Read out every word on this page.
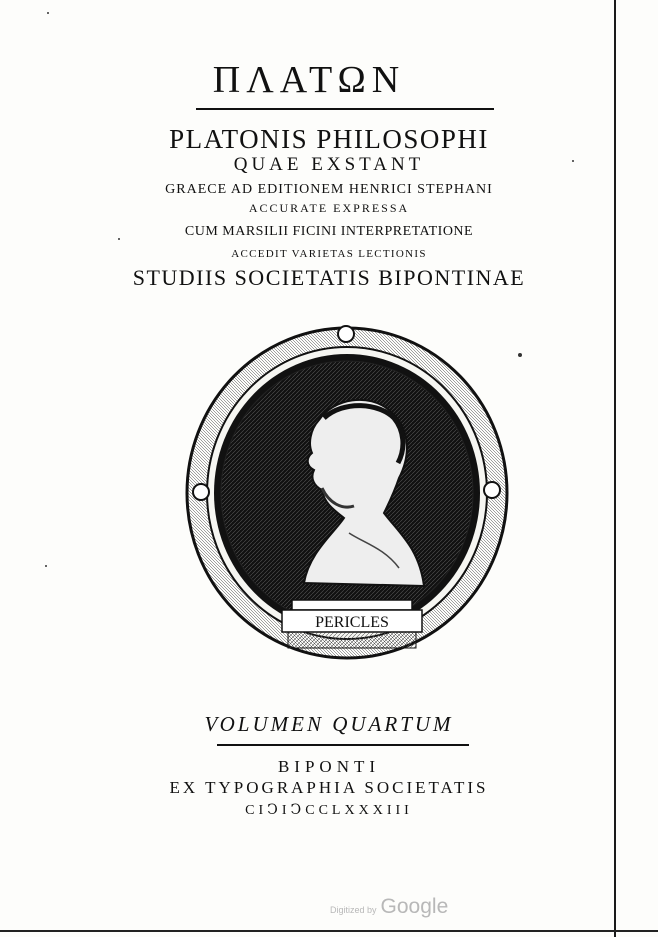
ΠΛΑΤΩΝ
PLATONIS PHILOSOPHI
QUAE EXSTANT
GRAECE AD EDITIONEM HENRICI STEPHANI
ACCURATE EXPRESSA
CUM MARSILII FICINI INTERPRETATIONE
ACCEDIT VARIETAS LECTIONIS
STUDIIS SOCIETATIS BIPONTINAE
PERICLES
VOLUMEN QUARTUM
BIPONTI
EX TYPOGRAPHIA SOCIETATIS
CIↃIↃCCLXXXIII
Digitized by Google
